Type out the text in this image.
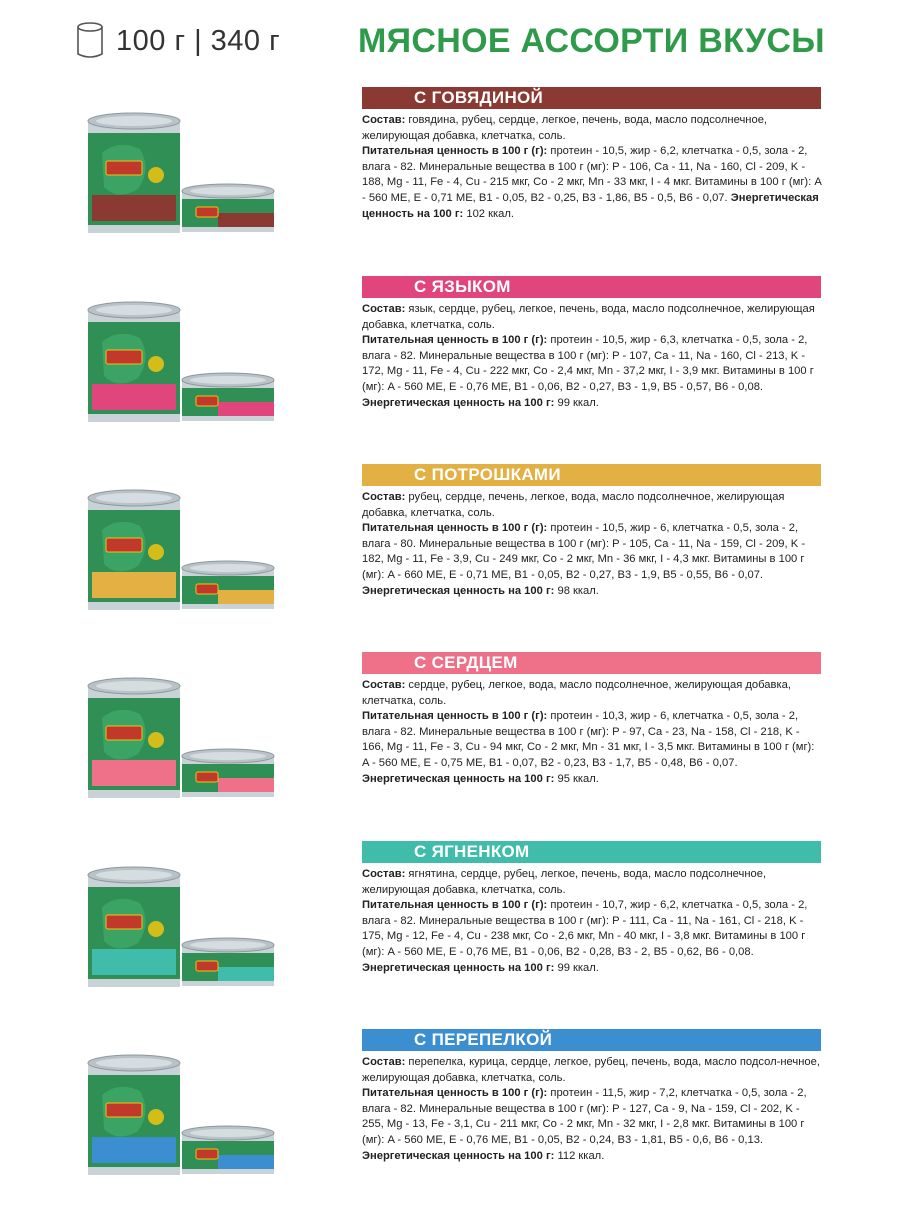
100 г | 340 г МЯСНОЕ АССОРТИ ВКУСЫ
С ГОВЯДИНОЙ

Состав: говядина, рубец, сердце, легкое, печень, вода, масло подсолнечное, желирующая добавка, клетчатка, соль.

Питательная ценность в 100 г (г): протеин - 10,5, жир - 6,2, клетчатка - 0,5, зола - 2, влага - 82. Минеральные вещества в 100 г (мг): P - 106, Ca - 11, Na - 160, Cl - 209, K - 188, Mg - 11, Fe - 4, Cu - 215 мкг, Co - 2 мкг, Mn - 33 мкг, I - 4 мкг. Витамины в 100 г (мг): A - 560 МЕ, E - 0,71 МЕ, B1 - 0,05, B2 - 0,25, B3 - 1,86, B5 - 0,5, B6 - 0,07. Энергетическая ценность на 100 г: 102 ккал.

С ЯЗЫКОМ

Состав: язык, сердце, рубец, легкое, печень, вода, масло подсолнечное, желирующая добавка, клетчатка, соль.

Питательная ценность в 100 г (г): протеин - 10,5, жир - 6,3, клетчатка - 0,5, зола - 2, влага - 82. Минеральные вещества в 100 г (мг): P - 107, Ca - 11, Na - 160, Cl - 213, K - 172, Mg - 11, Fe - 4, Cu - 222 мкг, Co - 2,4 мкг, Mn - 37,2 мкг, I - 3,9 мкг. Витамины в 100 г (мг): A - 560 МЕ, E - 0,76 МЕ, B1 - 0,06, B2 - 0,27, B3 - 1,9, B5 - 0,57, B6 - 0,08. Энергетическая ценность на 100 г: 99 ккал.

С ПОТРОШКАМИ

Состав: рубец, сердце, печень, легкое, вода, масло подсолнечное, желирующая добавка, клетчатка, соль.

Питательная ценность в 100 г (г): протеин - 10,5, жир - 6, клетчатка - 0,5, зола - 2, влага - 80. Минеральные вещества в 100 г (мг): P - 105, Ca - 11, Na - 159, Cl - 209, K - 182, Mg - 11, Fe - 3,9, Cu - 249 мкг, Co - 2 мкг, Mn - 36 мкг, I - 4,3 мкг. Витамины в 100 г (мг): A - 660 МЕ, E - 0,71 МЕ, B1 - 0,05, B2 - 0,27, B3 - 1,9, B5 - 0,55, B6 - 0,07. Энергетическая ценность на 100 г: 98 ккал.

С СЕРДЦЕМ

Состав: сердце, рубец, легкое, вода, масло подсолнечное, желирующая добавка, клетчатка, соль.

Питательная ценность в 100 г (г): протеин - 10,3, жир - 6, клетчатка - 0,5, зола - 2, влага - 82. Минеральные вещества в 100 г (мг): P - 97, Ca - 23, Na - 158, Cl - 218, K - 166, Mg - 11, Fe - 3, Cu - 94 мкг, Co - 2 мкг, Mn - 31 мкг, I - 3,5 мкг. Витамины в 100 г (мг): A - 560 МЕ, E - 0,75 МЕ, B1 - 0,07, B2 - 0,23, B3 - 1,7, B5 - 0,48, B6 - 0,07. Энергетическая ценность на 100 г: 95 ккал.

С ЯГНЕНКОМ

Состав: ягнятина, сердце, рубец, легкое, печень, вода, масло подсолнечное, желирующая добавка, клетчатка, соль.

Питательная ценность в 100 г (г): протеин - 10,7, жир - 6,2, клетчатка - 0,5, зола - 2, влага - 82. Минеральные вещества в 100 г (мг): P - 111, Ca - 11, Na - 161, Cl - 218, K - 175, Mg - 12, Fe - 4, Cu - 238 мкг, Co - 2,6 мкг, Mn - 40 мкг, I - 3,8 мкг. Витамины в 100 г (мг): A - 560 МЕ, E - 0,76 МЕ, B1 - 0,06, B2 - 0,28, B3 - 2, B5 - 0,62, B6 - 0,08. Энергетическая ценность на 100 г: 99 ккал.

С ПЕРЕПЕЛКОЙ

Состав: перепелка, курица, сердце, легкое, рубец, печень, вода, масло подсол-нечное, желирующая добавка, клетчатка, соль.

Питательная ценность в 100 г (г): протеин - 11,5, жир - 7,2, клетчатка - 0,5, зола - 2, влага - 82. Минеральные вещества в 100 г (мг): P - 127, Ca - 9, Na - 159, Cl - 202, K - 255, Mg - 13, Fe - 3,1, Cu - 211 мкг, Co - 2 мкг, Mn - 32 мкг, I - 2,8 мкг. Витамины в 100 г (мг): A - 560 МЕ, E - 0,76 МЕ, B1 - 0,05, B2 - 0,24, B3 - 1,81, B5 - 0,6, B6 - 0,13. Энергетическая ценность на 100 г: 112 ккал.
